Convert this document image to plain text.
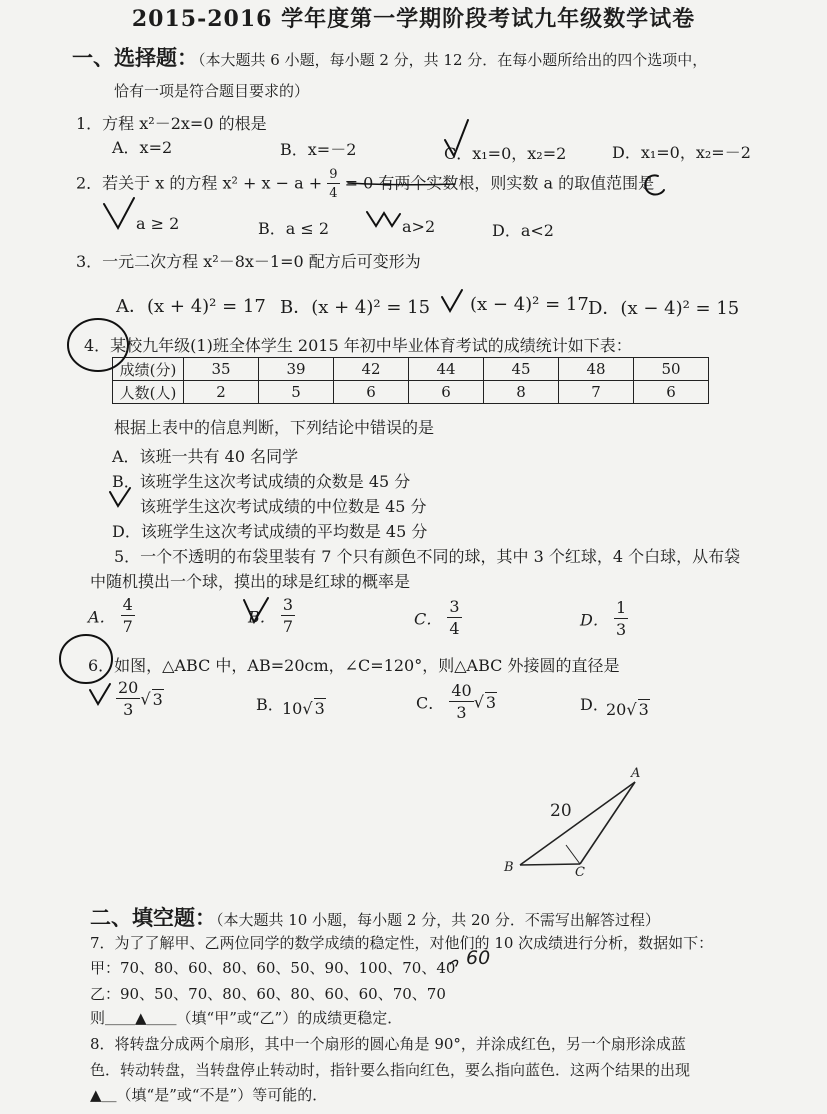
2015-2016 学年度第一学期阶段考试九年级数学试卷
一、选择题：（本大题共 6 小题，每小题 2 分，共 12 分．在每小题所给出的四个选项中，
恰有一项是符合题目要求的）
1．方程 x²－2x=0 的根是
A．x=2	B．x=－2	C．x₁=0，x₂=2	D．x₁=0，x₂=－2
2．若关于 x 的方程 $x^2 + x - a + \frac{9}{4} = 0$ 有两个实数根，则实数 a 的取值范围是
a ≥ 2	B．a ≤ 2	a>2	D．a<2
3．一元二次方程 x²－8x－1=0 配方后可变形为
A．(x + 4)² = 17 B．(x + 4)² = 15 (x − 4)² = 17 D．(x − 4)² = 15
4．某校九年级(1)班全体学生 2015 年初中毕业体育考试的成绩统计如下表：
成绩(分)	35	39	42	44	45	48	50
人数(人)	2	5	6	6	8	7	6
根据上表中的信息判断，下列结论中错误的是
A．该班一共有 40 名同学
B．该班学生这次考试成绩的众数是 45 分
该班学生这次考试成绩的中位数是 45 分
D．该班学生这次考试成绩的平均数是 45 分
5．一个不透明的布袋里装有 7 个只有颜色不同的球，其中 3 个红球，4 个白球，从布袋
中随机摸出一个球，摸出的球是红球的概率是
A． $\frac{4}{7}$	B． $\frac{3}{7}$	C． $\frac{3}{4}$	D． $\frac{1}{3}$
6．如图，△ABC 中，AB=20cm，∠C=120°，则△ABC 外接圆的直径是
$\frac{20}{3}$ √ 3	B．
10√ 3	C． $\frac{40}{3}$ √ 3	D．
20√ 3
A
B	C
20
二、填空题：（本大题共 10 小题，每小题 2 分，共 20 分．不需写出解答过程）
7．为了了解甲、乙两位同学的数学成绩的稳定性，对他们的 10 次成绩进行分析，数据如下：
甲：70、80、60、80、60、50、90、100、70、40 60
乙：90、50、70、80、60、80、60、60、70、70
则＿＿▲＿＿（填“甲”或“乙”）的成绩更稳定．
8．将转盘分成两个扇形，其中一个扇形的圆心角是 90°，并涂成红色，另一个扇形涂成蓝
色．转动转盘，当转盘停止转动时，指针要么指向红色，要么指向蓝色．这两个结果的出现
▲＿（填“是”或“不是”）等可能的．
